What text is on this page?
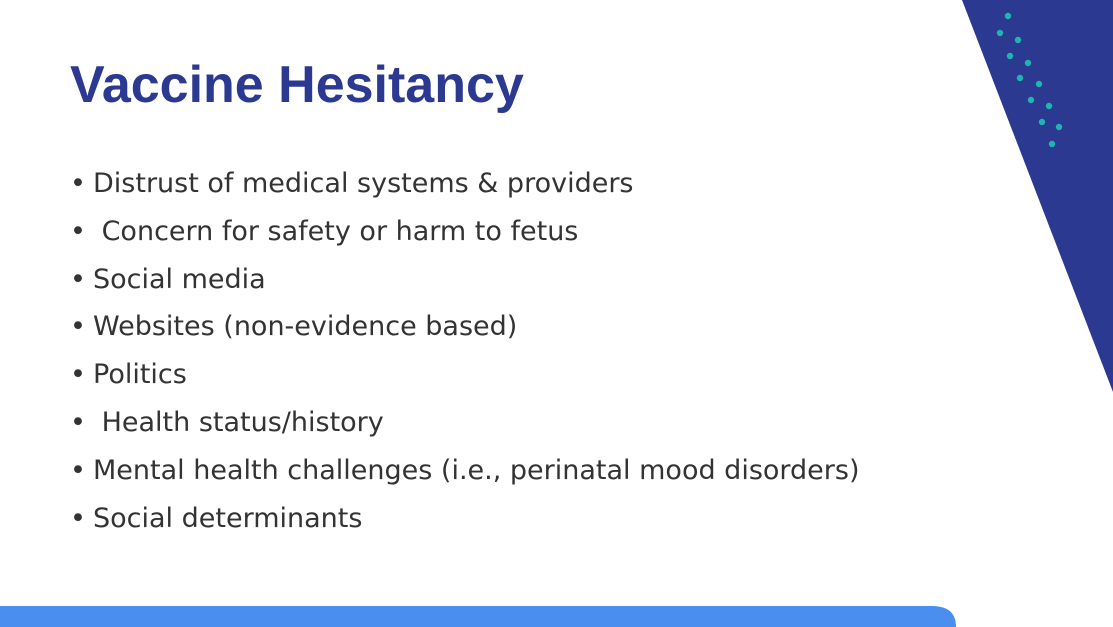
Vaccine Hesitancy
• Distrust of medical systems & providers
• Concern for safety or harm to fetus
• Social media
• Websites (non-evidence based)
• Politics
• Health status/history
• Mental health challenges (i.e., perinatal mood disorders)
• Social determinants
